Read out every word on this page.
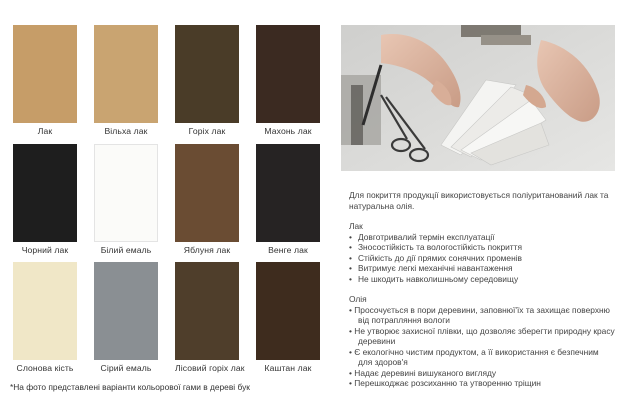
Лак	Вільха лак	Горіх лак	Махонь лак
Чорний лак	Білий емаль	Яблуня лак	Венге лак
Слонова кість	Сірий емаль	Лісовий горіх лак	Каштан лак
*На фото представлені варіанти кольорової гами в дереві бук

Для покриття продукції використовується поліуританований лак та натуральна олія.

Лак

• Довготривалий термін експлуатації
• Зносостійкість та вологостійкість покриття
• Стійкість до дії прямих сонячних променів
• Витримує легкі механічні навантаження
• Не шкодить навколишньому середовищу

Олія

• Просочується в пори деревини, заповнюї'їх та захищає поверхню від потрапляння вологи
• Не утворює захисної плівки, що дозволяє зберегти природну красу деревини
• Є екологічно чистим продуктом, а її використання є безпечним для здоров'я
• Надає деревині вишуканого вигляду
• Перешкоджає розсиханню та утворенню тріщин
